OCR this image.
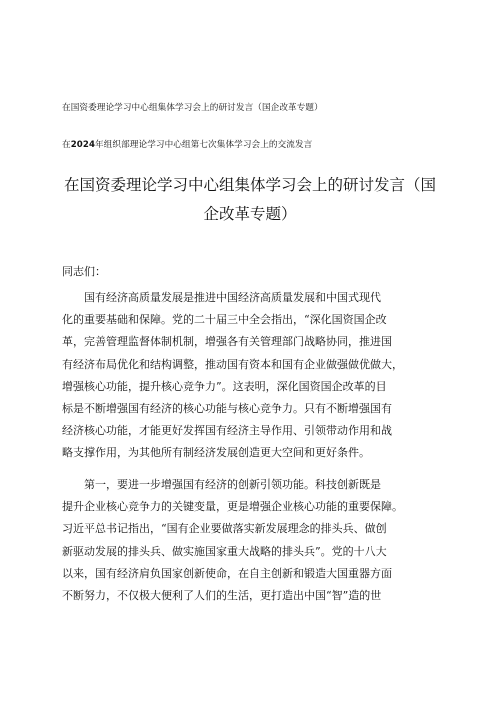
在国资委理论学习中心组集体学习会上的研讨发言（国企改革专题）
在2024年组织部理论学习中心组第七次集体学习会上的交流发言
在国资委理论学习中心组集体学习会上的研讨发言（国
企改革专题）
同志们：
　　国有经济高质量发展是推进中国经济高质量发展和中国式现代
化的重要基础和保障。党的二十届三中全会指出，“深化国资国企改
革，完善管理监督体制机制，增强各有关管理部门战略协同，推进国
有经济布局优化和结构调整，推动国有资本和国有企业做强做优做大，
增强核心功能，提升核心竞争力”。这表明，深化国资国企改革的目
标是不断增强国有经济的核心功能与核心竞争力。只有不断增强国有
经济核心功能，才能更好发挥国有经济主导作用、引领带动作用和战
略支撑作用，为其他所有制经济发展创造更大空间和更好条件。
　　第一，要进一步增强国有经济的创新引领功能。科技创新既是
提升企业核心竞争力的关键变量，更是增强企业核心功能的重要保障。
习近平总书记指出，“国有企业要做落实新发展理念的排头兵、做创
新驱动发展的排头兵、做实施国家重大战略的排头兵”。党的十八大
以来，国有经济肩负国家创新使命，在自主创新和锻造大国重器方面
不断努力，不仅极大便利了人们的生活，更打造出中国“智”造的世
